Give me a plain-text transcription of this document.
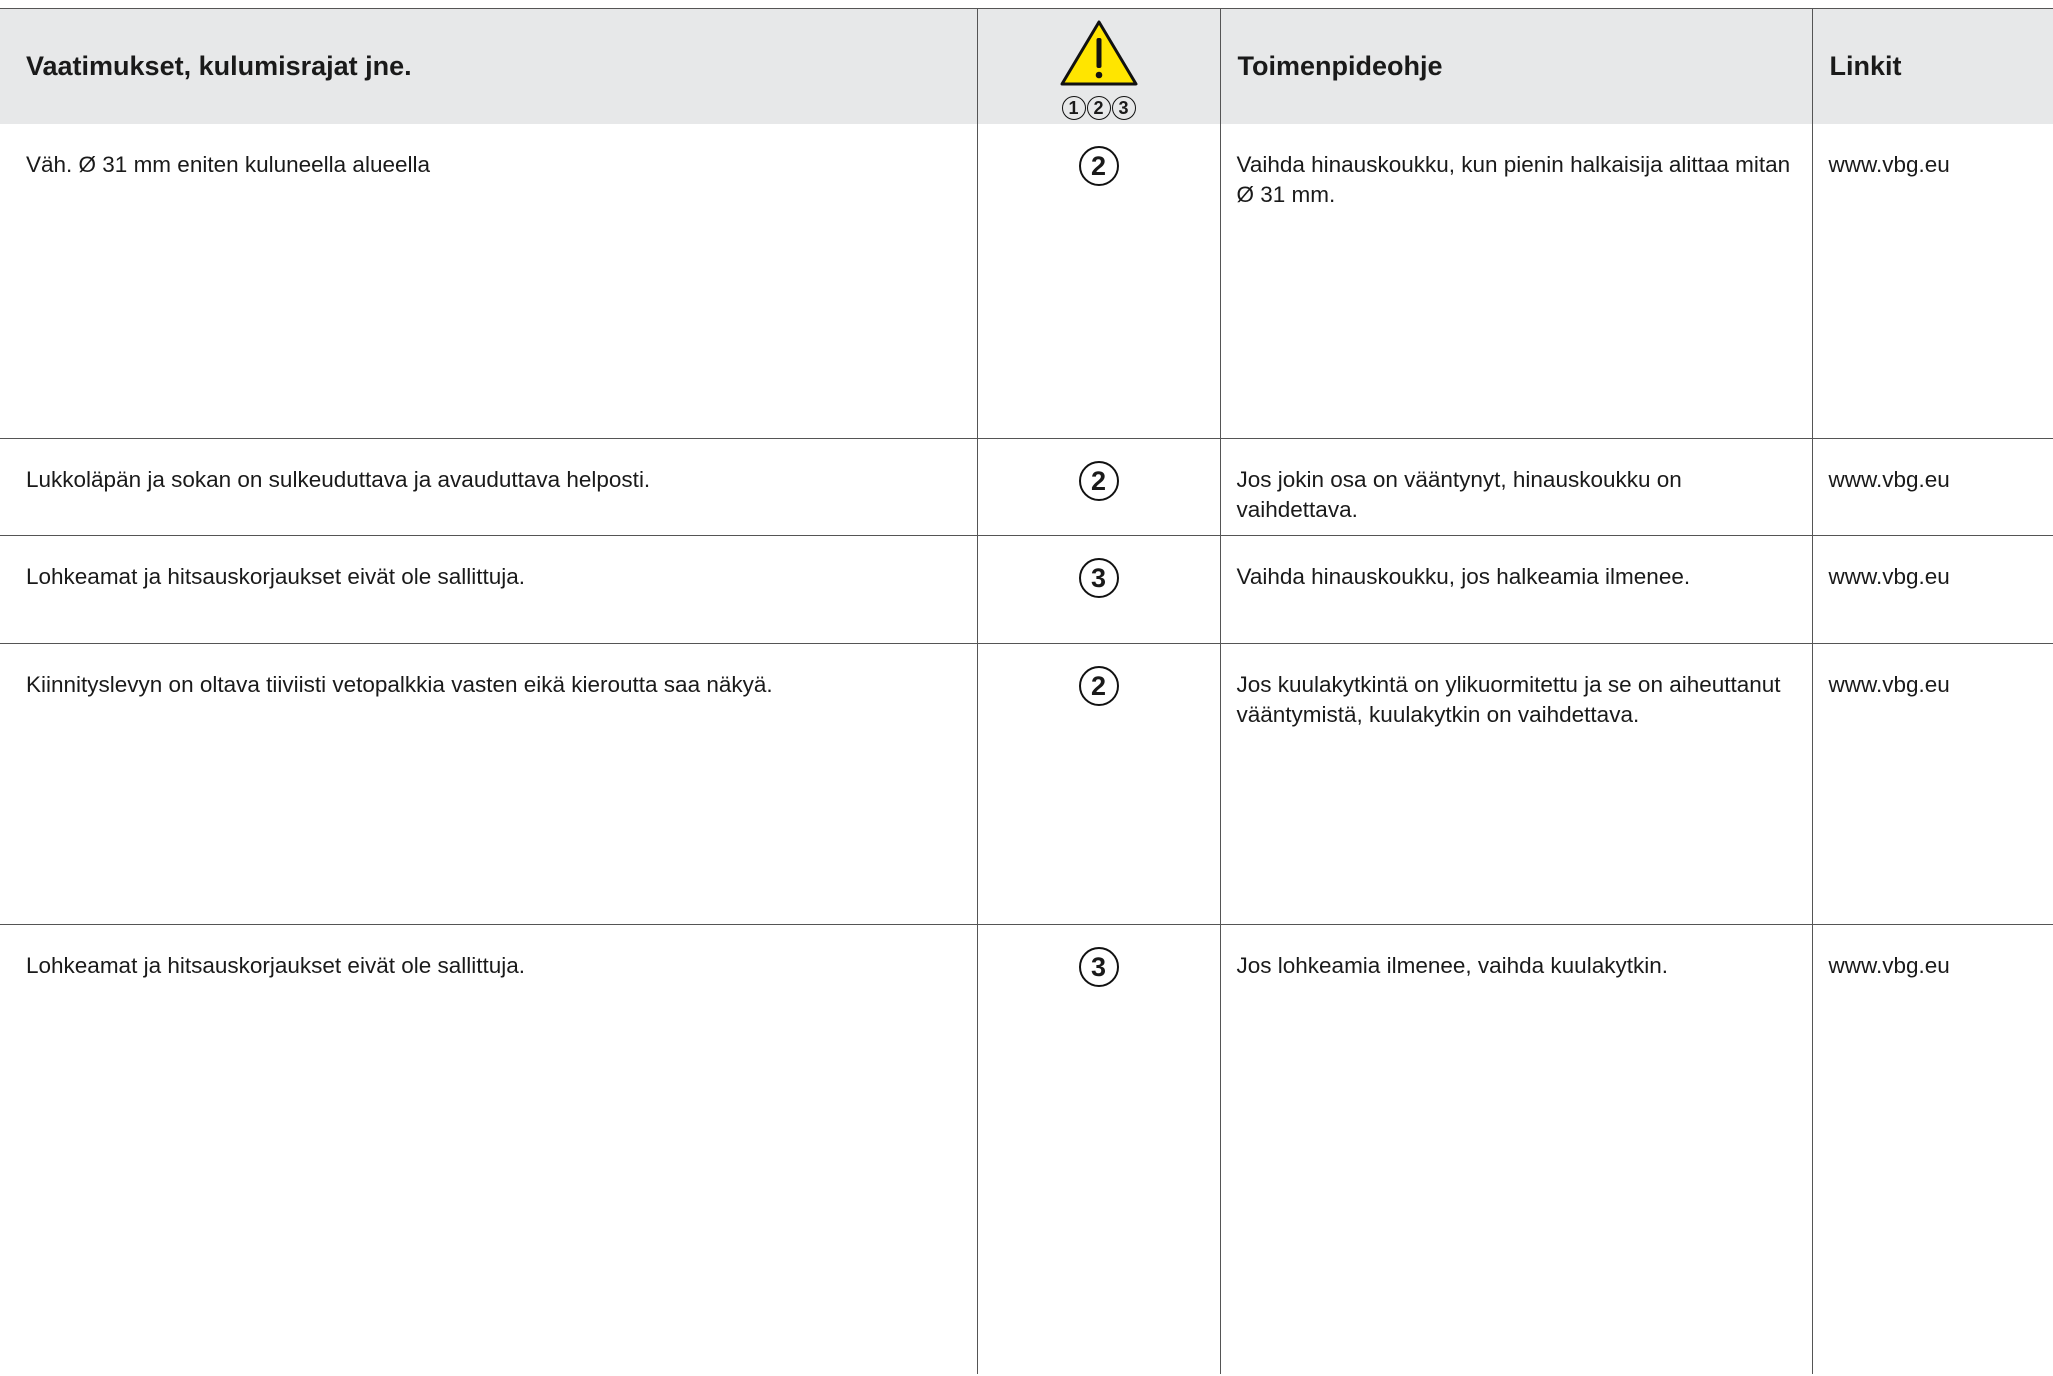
Vaatimukset, kulumisrajat jne.	1 2 3	Toimenpideohje	Linkit
Väh. Ø 31 mm eniten kuluneella alueella	2	Vaihda hinauskoukku, kun pienin halkaisija alittaa mitan Ø 31 mm.	www.vbg.eu
Lukkoläpän ja sokan on sulkeuduttava ja avauduttava helposti.	2	Jos jokin osa on vääntynyt, hinauskoukku on vaihdettava.	www.vbg.eu
Lohkeamat ja hitsauskorjaukset eivät ole sallittuja.	3	Vaihda hinauskoukku, jos halkeamia ilmenee.	www.vbg.eu
Kiinnityslevyn on oltava tiiviisti vetopalkkia vasten eikä kieroutta saa näkyä.	2	Jos kuulakytkintä on ylikuormitettu ja se on aiheuttanut vääntymistä, kuulakytkin on vaihdettava.	www.vbg.eu
Lohkeamat ja hitsauskorjaukset eivät ole sallittuja.	3	Jos lohkeamia ilmenee, vaihda kuulakytkin.	www.vbg.eu
